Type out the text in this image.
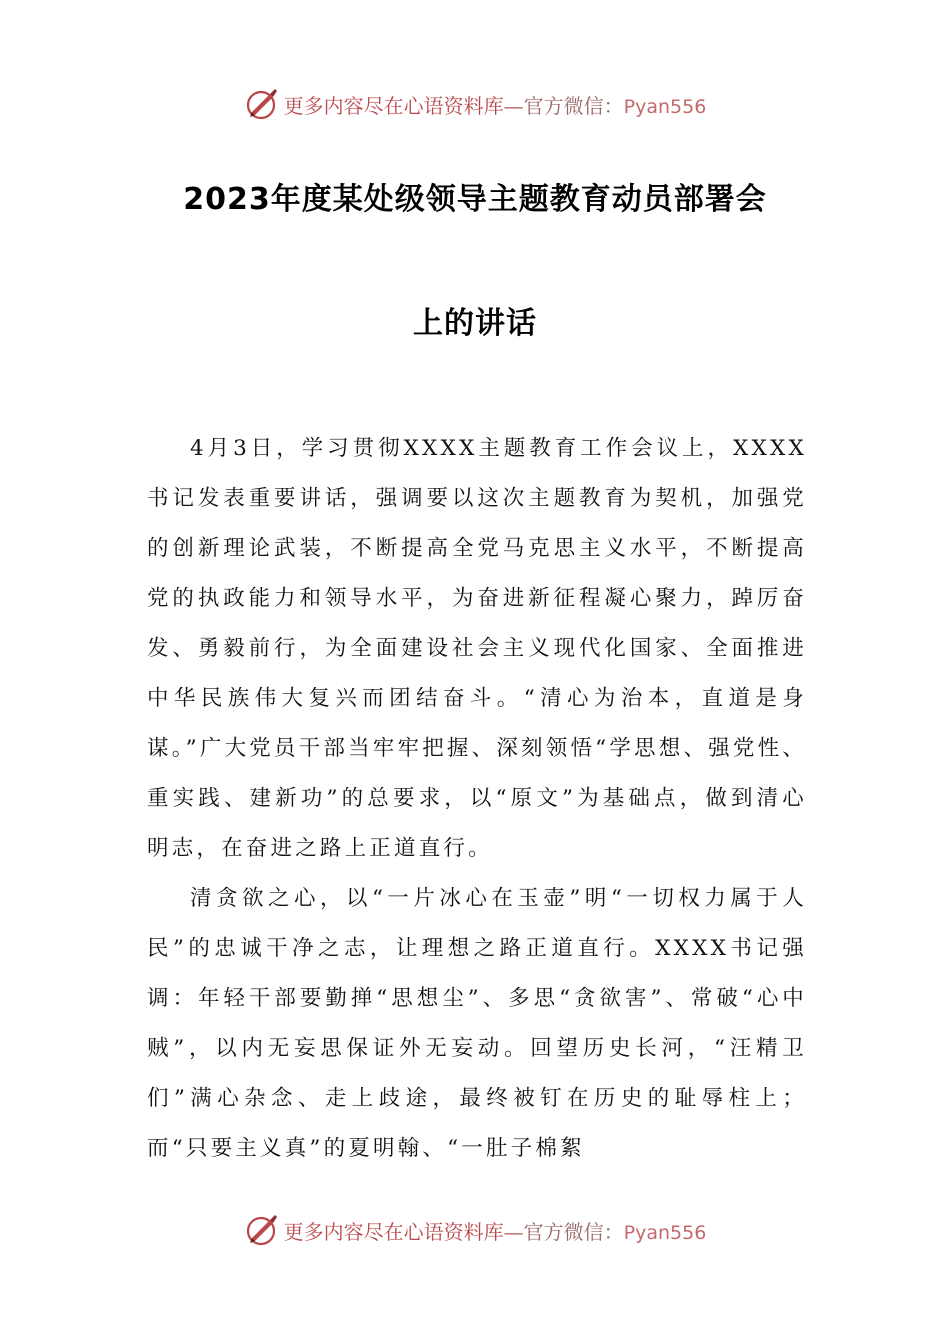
更多内容尽在心语资料库—官方微信：Pyan556
2023年度某处级领导主题教育动员部署会
上的讲话

4月3日，学习贯彻XXXX主题教育工作会议上，XXXX书记发表重要讲话，强调要以这次主题教育为契机，加强党的创新理论武装，不断提高全党马克思主义水平，不断提高党的执政能力和领导水平，为奋进新征程凝心聚力，踔厉奋发、勇毅前行，为全面建设社会主义现代化国家、全面推进中华民族伟大复兴而团结奋斗。“清心为治本，直道是身谋。”广大党员干部当牢牢把握、深刻领悟“学思想、强党性、重实践、建新功”的总要求，以“原文”为基础点，做到清心明志，在奋进之路上正道直行。

清贪欲之心，以“一片冰心在玉壶”明“一切权力属于人民”的忠诚干净之志，让理想之路正道直行。XXXX书记强调：年轻干部要勤掸“思想尘”、多思“贪欲害”、常破“心中贼”，以内无妄思保证外无妄动。回望历史长河，“汪精卫们”满心杂念、走上歧途，最终被钉在历史的耻辱柱上；而“只要主义真”的夏明翰、“一肚子棉絮

更多内容尽在心语资料库—官方微信：Pyan556
